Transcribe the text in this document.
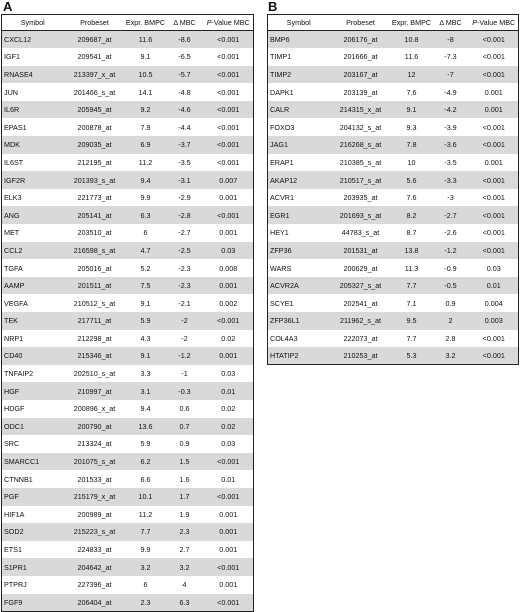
A
Symbol	Probeset	Expr. BMPC	Δ MBC	P-Value MBC
CXCL12	209687_at	11.6	-8.6	<0.001
IGF1	209541_at	9.1	-6.5	<0.001
RNASE4	213397_x_at	10.5	-5.7	<0.001
JUN	201466_s_at	14.1	-4.8	<0.001
IL6R	205945_at	9.2	-4.6	<0.001
EPAS1	200878_at	7.9	-4.4	<0.001
MDK	209035_at	6.9	-3.7	<0.001
IL6ST	212195_at	11.2	-3.5	<0.001
IGF2R	201393_s_at	9.4	-3.1	0.007
ELK3	221773_at	9.9	-2.9	0.001
ANG	205141_at	6.3	-2.8	<0.001
MET	203510_at	6	-2.7	0.001
CCL2	216598_s_at	4.7	-2.5	0.03
TGFA	205016_at	5.2	-2.3	0.008
AAMP	201511_at	7.5	-2.3	0.001
VEGFA	210512_s_at	9.1	-2.1	0.002
TEK	217711_at	5.9	-2	<0.001
NRP1	212298_at	4.3	-2	0.02
CD40	215346_at	9.1	-1.2	0.001
TNFAIP2	202510_s_at	3.3	-1	0.03
HGF	210997_at	3.1	-0.3	0.01
HDGF	200896_x_at	9.4	0.6	0.02
ODC1	200790_at	13.6	0.7	0.02
SRC	213324_at	5.9	0.9	0.03
SMARCC1	201075_s_at	6.2	1.5	<0.001
CTNNB1	201533_at	6.6	1.6	0.01
PGF	215179_x_at	10.1	1.7	<0.001
HIF1A	200989_at	11.2	1.9	0.001
SOD2	215223_s_at	7.7	2.3	0.001
ETS1	224833_at	9.9	2.7	0.001
S1PR1	204642_at	3.2	3.2	<0.001
PTPRJ	227396_at	6	4	0.001
FGF9	206404_at	2.3	6.3	<0.001
B
Symbol	Probeset	Expr. BMPC	Δ MBC	P-Value MBC
BMP6	206176_at	10.8	-8	<0.001
TIMP1	201666_at	11.6	-7.3	<0.001
TIMP2	203167_at	12	-7	<0.001
DAPK1	203139_at	7.6	-4.9	0.001
CALR	214315_x_at	9.1	-4.2	0.001
FOXO3	204132_s_at	9.3	-3.9	<0.001
JAG1	216268_s_at	7.8	-3.6	<0.001
ERAP1	210385_s_at	10	-3.5	0.001
AKAP12	210517_s_at	5.6	-3.3	<0.001
ACVR1	203935_at	7.6	-3	<0.001
EGR1	201693_s_at	8.2	-2.7	<0.001
HEY1	44783_s_at	8.7	-2.6	<0.001
ZFP36	201531_at	13.8	-1.2	<0.001
WARS	200629_at	11.3	-0.9	0.03
ACVR2A	205327_s_at	7.7	-0.5	0.01
SCYE1	202541_at	7.1	0.9	0.004
ZFP36L1	211962_s_at	9.5	2	0.003
COL4A3	222073_at	7.7	2.8	<0.001
HTATIP2	210253_at	5.3	3.2	<0.001
